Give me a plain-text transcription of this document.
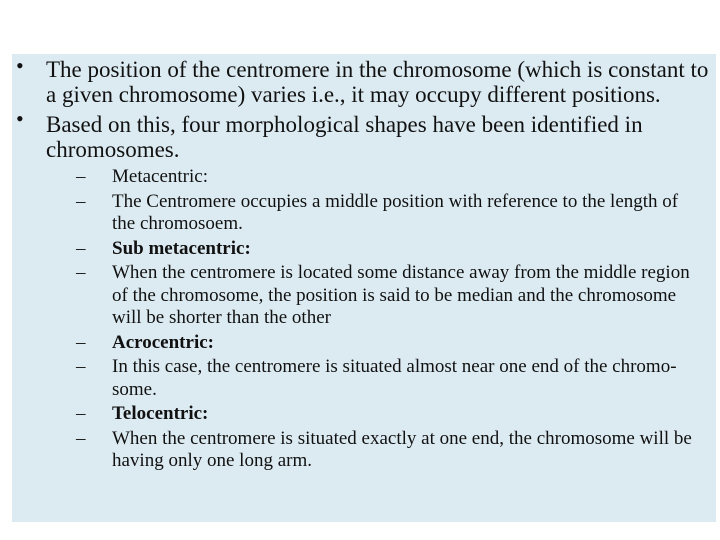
• The position of the centromere in the chromosome (which is constant to a given chromosome) varies i.e., it may occupy different positions.
• Based on this, four morphological shapes have been identified in chromosomes.
– Metacentric:
– The Centromere occupies a middle position with reference to the length of the chromosoem.
– Sub metacentric:
– When the centromere is located some distance away from the middle region of the chromosome, the position is said to be median and the chromosome will be shorter than the other
– Acrocentric:
– In this case, the centromere is situated almost near one end of the chromo-some.
– Telocentric:
– When the centromere is situated exactly at one end, the chromosome will be having only one long arm.
